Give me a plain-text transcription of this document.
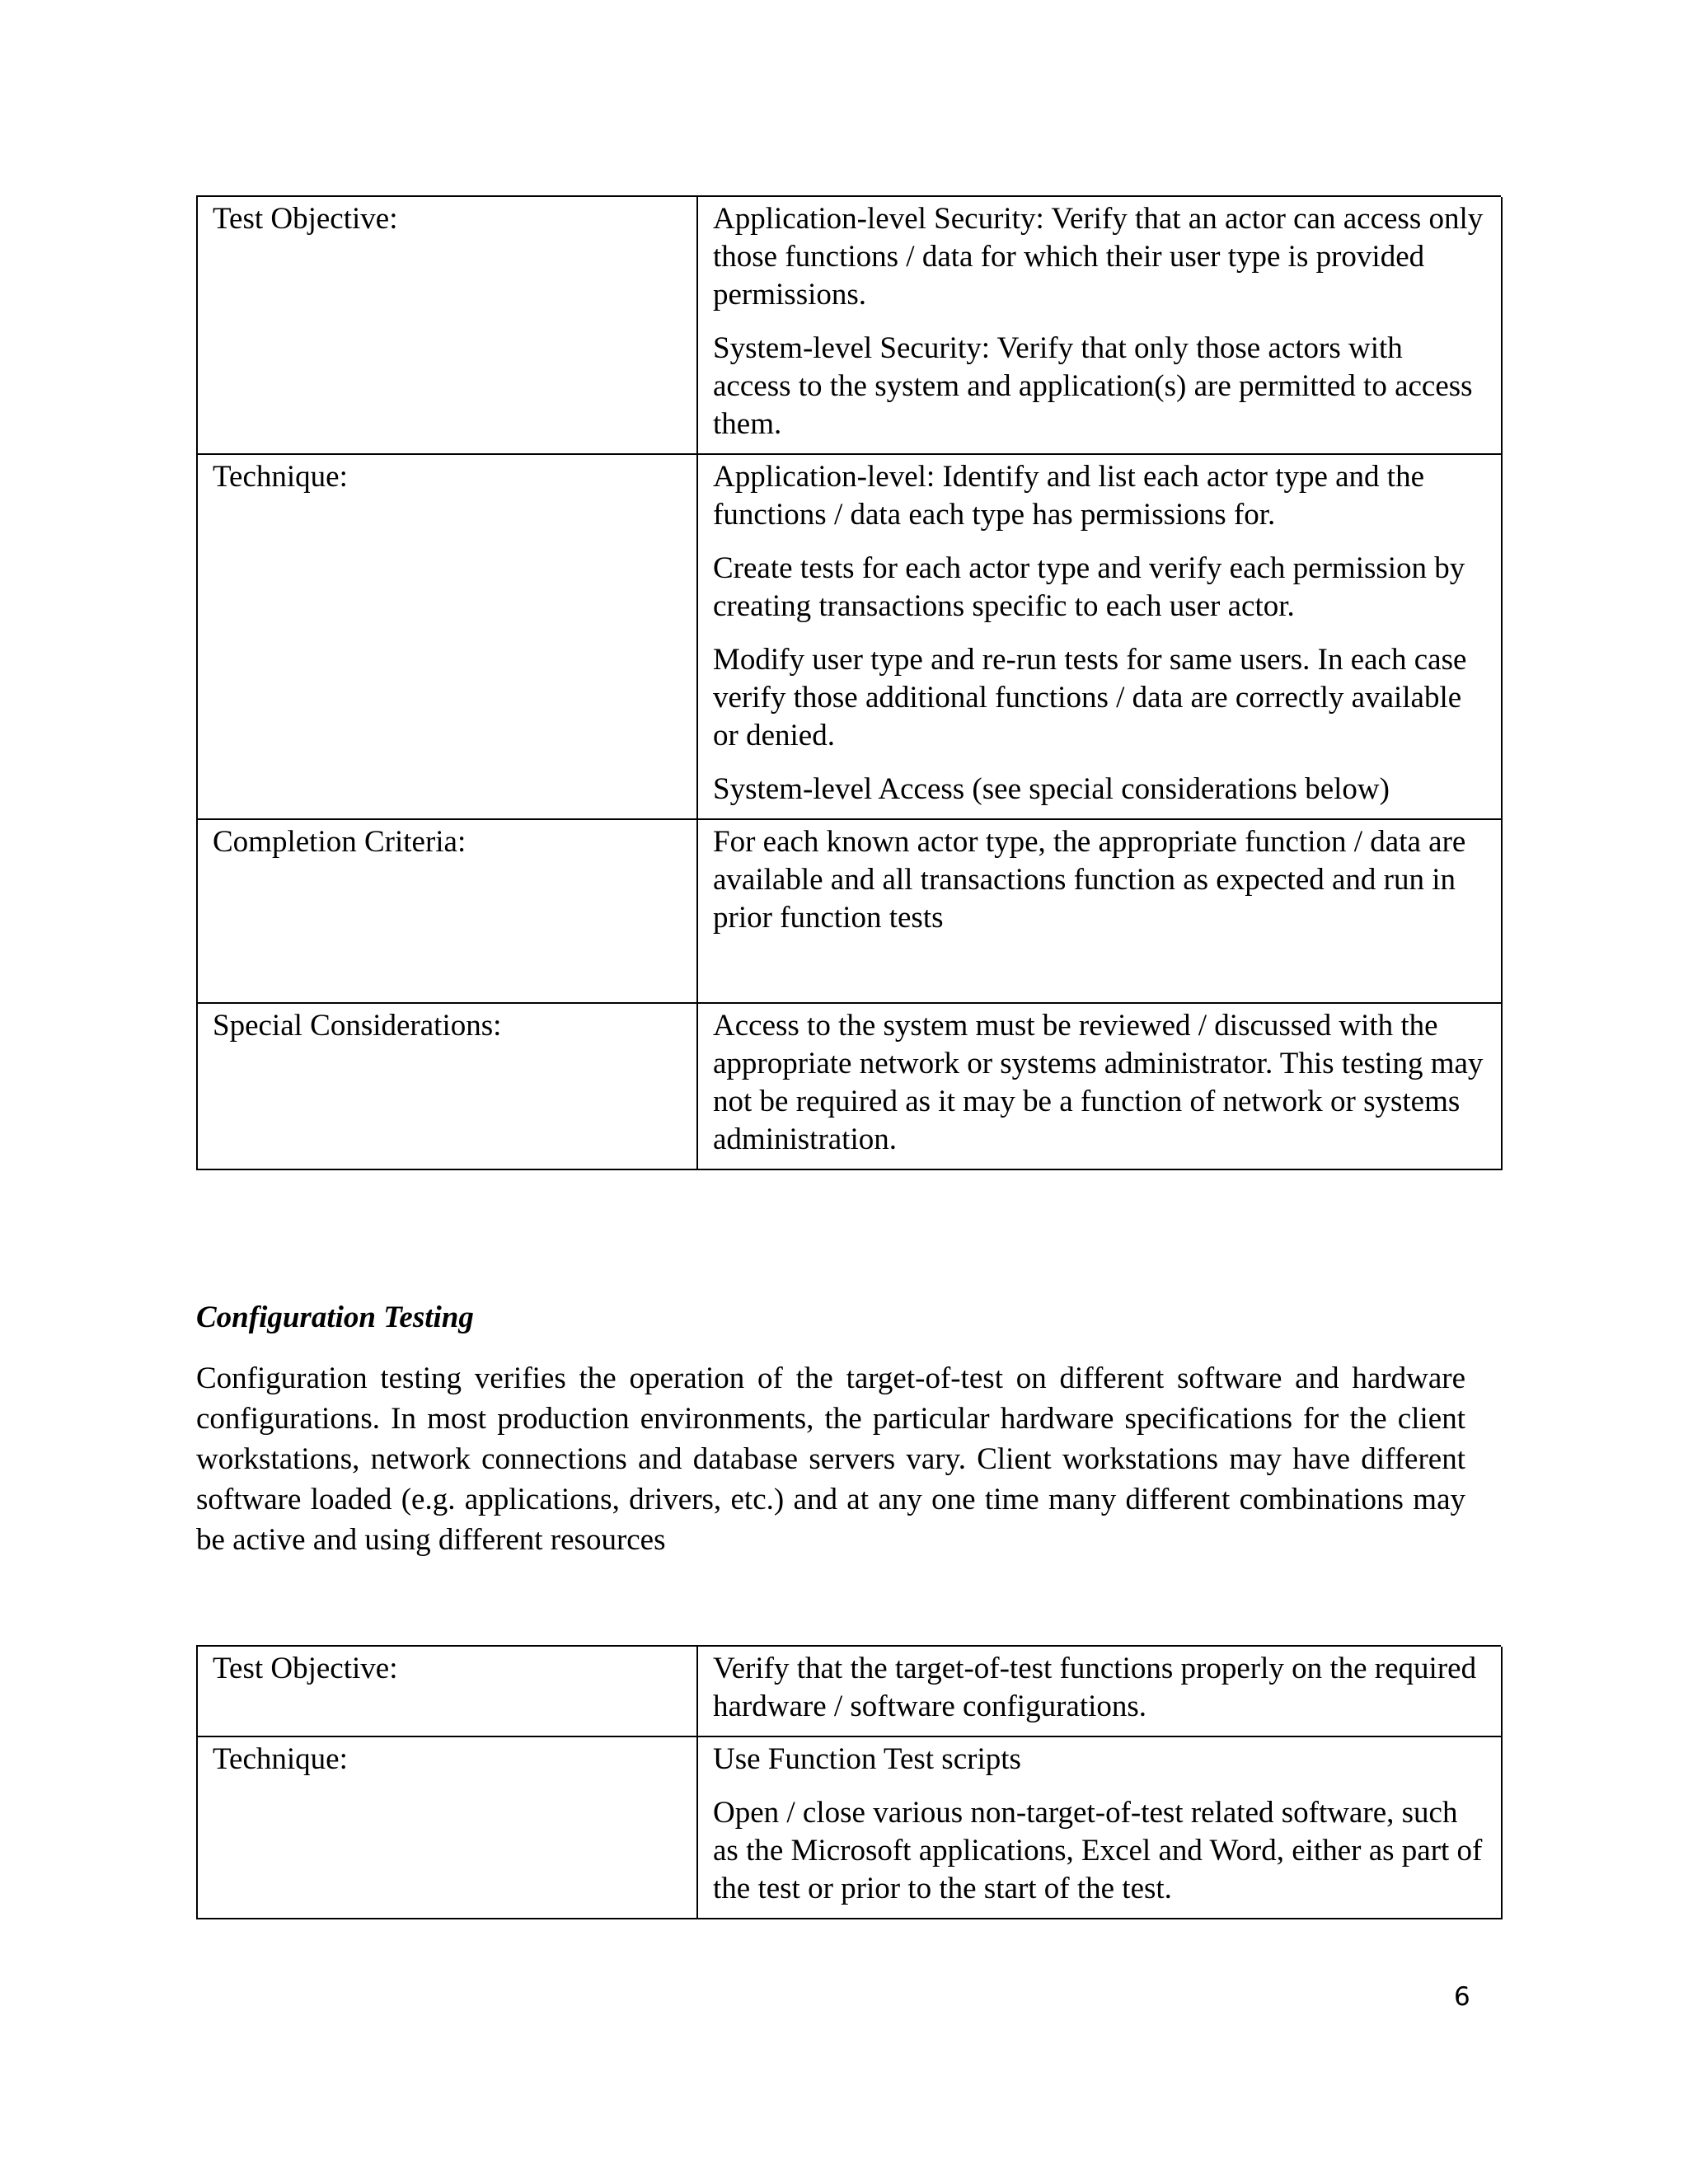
Test Objective:	Application-level Security: Verify that an actor can access only those functions / data for which their user type is provided permissions.

System-level Security: Verify that only those actors with access to the system and application(s) are permitted to access them.

Technique:	Application-level: Identify and list each actor type and the functions / data each type has permissions for.

Create tests for each actor type and verify each permission by creating transactions specific to each user actor.

Modify user type and re-run tests for same users. In each case verify those additional functions / data are correctly available or denied.

System-level Access (see special considerations below)

Completion Criteria:	For each known actor type, the appropriate function / data are available and all transactions function as expected and run in prior function tests

Special Considerations:	Access to the system must be reviewed / discussed with the appropriate network or systems administrator. This testing may not be required as it may be a function of network or systems administration.

Configuration Testing
Configuration testing verifies the operation of the target-of-test on different software and hardware configurations. In most production environments, the particular hardware specifications for the client workstations, network connections and database servers vary. Client workstations may have different software loaded (e.g. applications, drivers, etc.) and at any one time many different combinations may be active and using different resources
Test Objective:	Verify that the target-of-test functions properly on the required hardware / software configurations.

Technique:	Use Function Test scripts

Open / close various non-target-of-test related software, such as the Microsoft applications, Excel and Word, either as part of the test or prior to the start of the test.

6
